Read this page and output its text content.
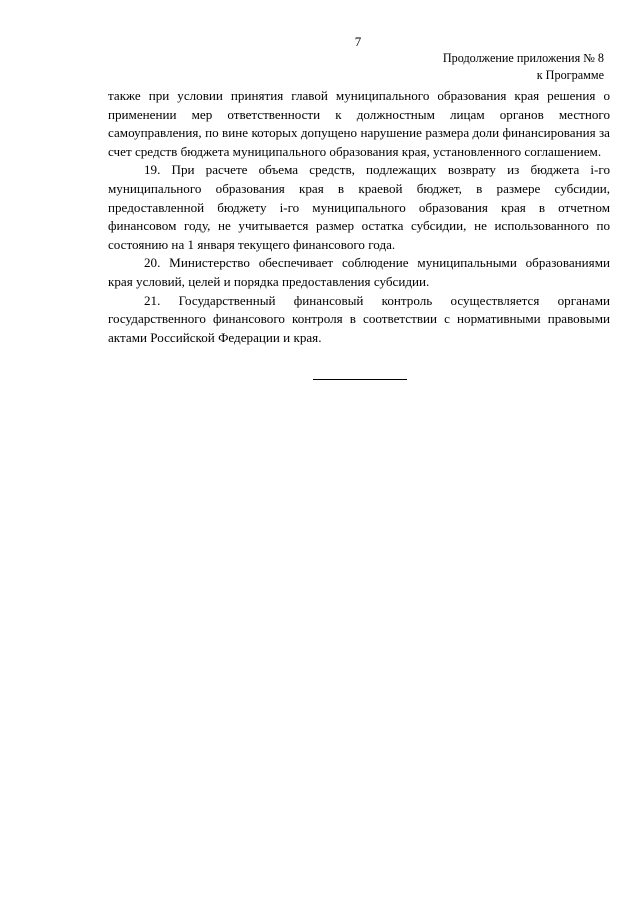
7
Продолжение приложения № 8
к Программе

также при условии принятия главой муниципального образования края решения о применении мер ответственности к должностным лицам органов местного самоуправления, по вине которых допущено нарушение размера доли финансирования за счет средств бюджета муниципального образования края, установленного соглашением.

19. При расчете объема средств, подлежащих возврату из бюджета i-го муниципального образования края в краевой бюджет, в размере субсидии, предоставленной бюджету i-го муниципального образования края в отчетном финансовом году, не учитывается размер остатка субсидии, не использованного по состоянию на 1 января текущего финансового года.

20. Министерство обеспечивает соблюдение муниципальными образованиями края условий, целей и порядка предоставления субсидии.

21. Государственный финансовый контроль осуществляется органами государственного финансового контроля в соответствии с нормативными правовыми актами Российской Федерации и края.
